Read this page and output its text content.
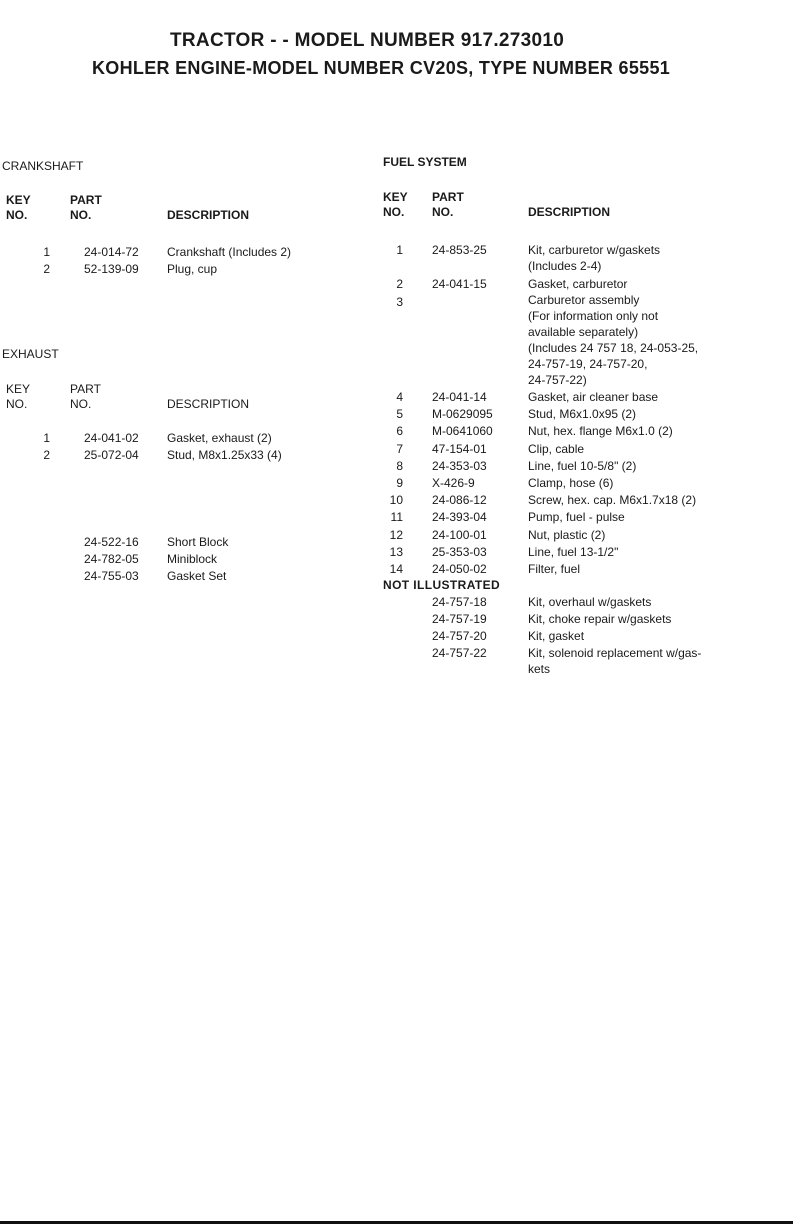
TRACTOR - - MODEL NUMBER 917.273010
KOHLER ENGINE-MODEL NUMBER CV20S, TYPE NUMBER 65551
CRANKSHAFT
KEY
NO.
PART
NO.	DESCRIPTION
1	24-014-72 Crankshaft (Includes 2)
2	52-139-09 Plug, cup
EXHAUST
KEY
NO.
PART
NO.	DESCRIPTION
1	24-041-02 Gasket, exhaust (2)
2	25-072-04 Stud, M8x1.25x33 (4)
24-522-16 Short Block
24-782-05 Miniblock
24-755-03 Gasket Set
FUEL SYSTEM
KEY
NO.
PART
NO.	DESCRIPTION
1 24-853-25	Kit, carburetor w/gaskets
(Includes 2-4)
2 24-041-15	Gasket, carburetor
3	Carburetor assembly
(For information only not
available separately)
(Includes 24 757 18, 24-053-25,
24-757-19, 24-757-20,
24-757-22)
4 24-041-14	Gasket, air cleaner base
5 M-0629095	Stud, M6x1.0x95 (2)
6 M-0641060	Nut, hex. flange M6x1.0 (2)
7 47-154-01	Clip, cable
8 24-353-03	Line, fuel 10-5/8" (2)
9 X-426-9	Clamp, hose (6)
10 24-086-12	Screw, hex. cap. M6x1.7x18 (2)
11 24-393-04	Pump, fuel - pulse
12 24-100-01	Nut, plastic (2)
13 25-353-03	Line, fuel 13-1/2"
14 24-050-02	Filter, fuel
NOT ILLUSTRATED
24-757-18	Kit, overhaul w/gaskets
24-757-19	Kit, choke repair w/gaskets
24-757-20	Kit, gasket
24-757-22	Kit, solenoid replacement w/gas-
kets
